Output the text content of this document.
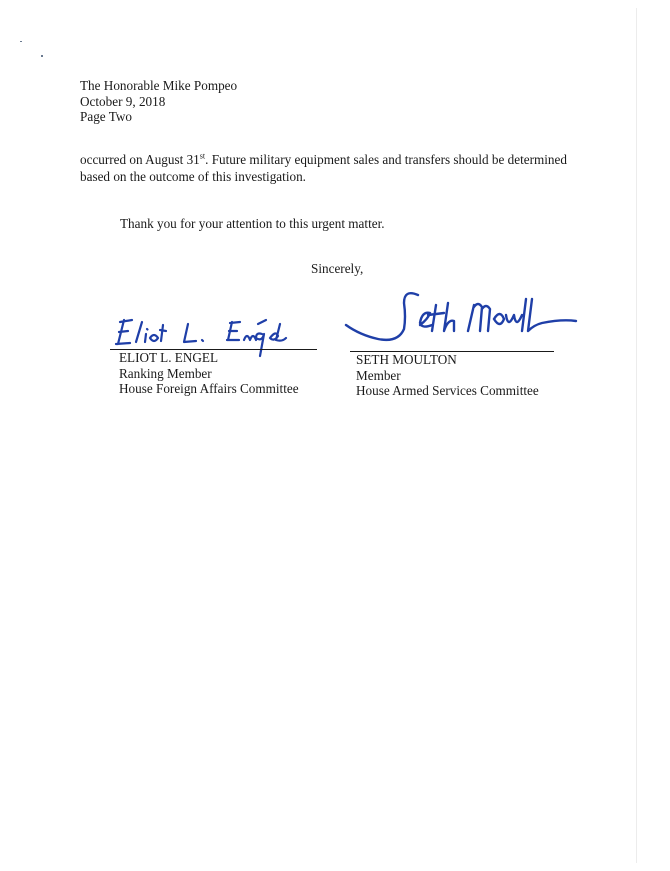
The Honorable Mike Pompeo
October 9, 2018
Page Two
occurred on August 31st. Future military equipment sales and transfers should be determined
based on the outcome of this investigation.
Thank you for your attention to this urgent matter.
Sincerely,
ELIOT L. ENGEL
Ranking Member
House Foreign Affairs Committee
SETH MOULTON
Member
House Armed Services Committee
